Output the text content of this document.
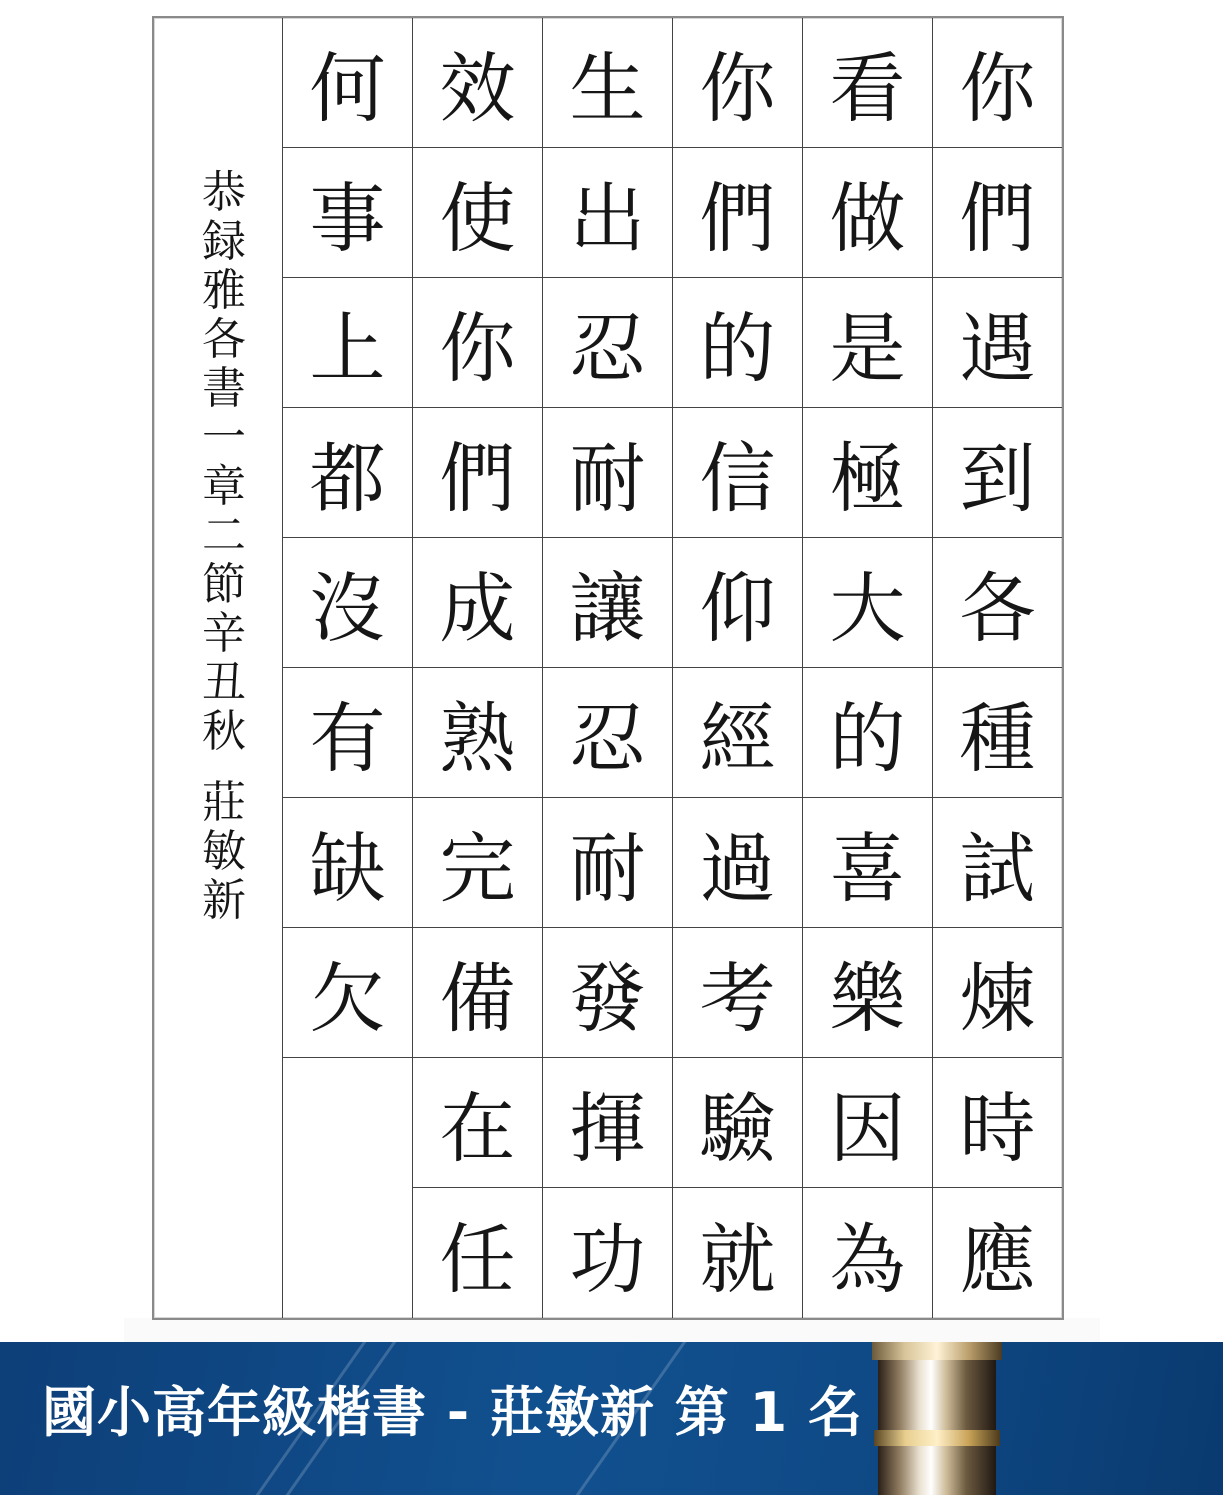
恭
録
雅
各
書
一
章
二
節
辛
丑
秋
莊
敏
新
你
們
遇
到
各
種
試
煉
時
應
看
做
是
極
大
的
喜
樂
因
為
你
們
的
信
仰
經
過
考
驗
就
生
出
忍
耐
讓
忍
耐
發
揮
功
效
使
你
們
成
熟
完
備
在
任
何
事
上
都
沒
有
缺
欠
國小高年級楷書 - 莊敏新 第 1 名
